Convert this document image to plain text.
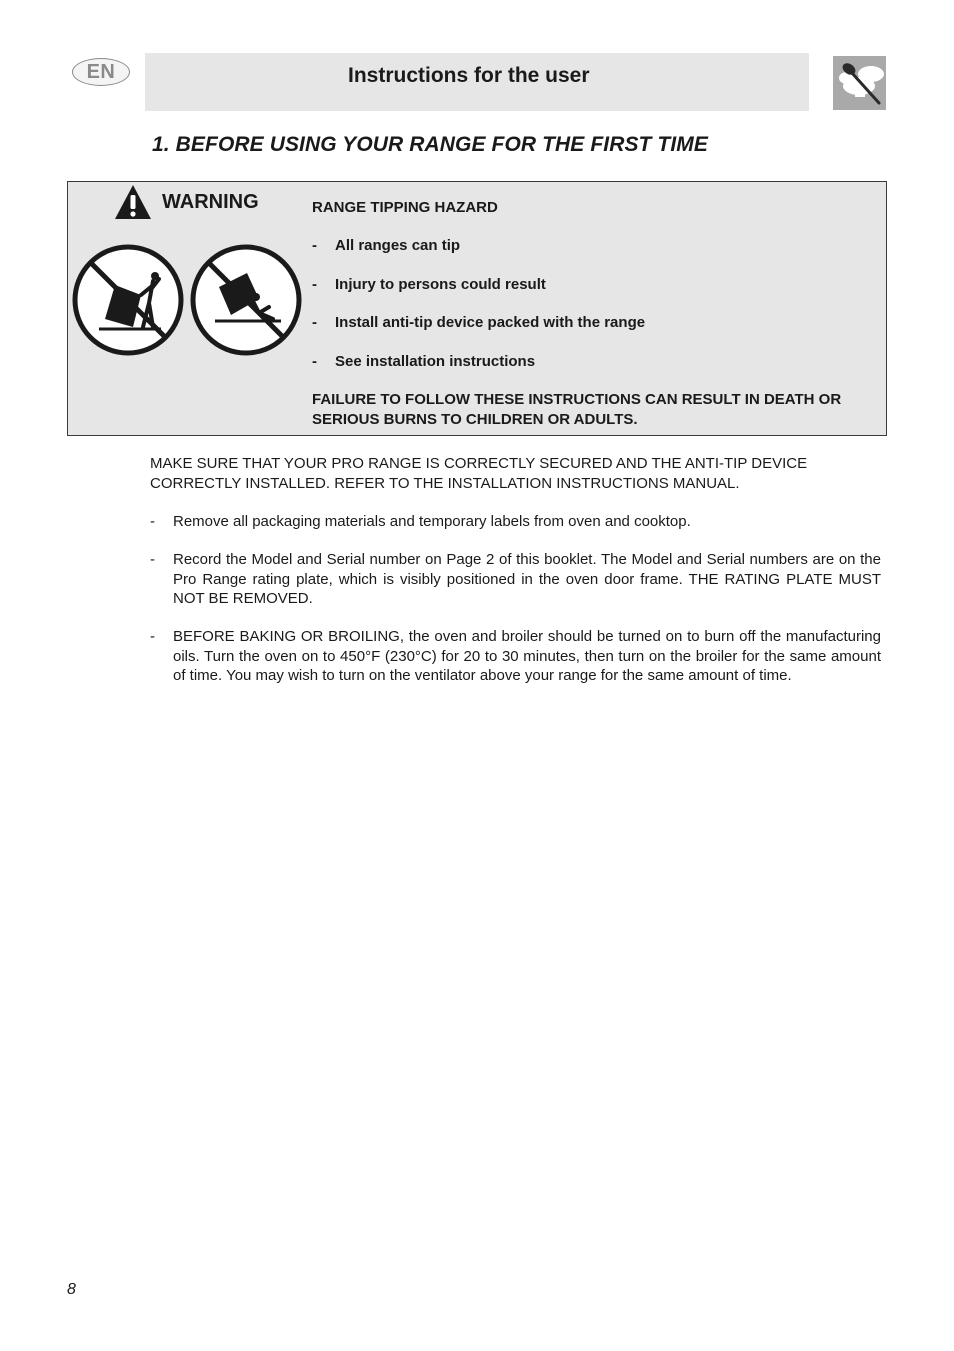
EN	Instructions for the user
1. BEFORE USING YOUR RANGE FOR THE FIRST TIME
WARNING	RANGE TIPPING HAZARD
- All ranges can tip
- Injury to persons could result
- Install anti-tip device packed with the range
- See installation instructions
FAILURE TO FOLLOW THESE INSTRUCTIONS CAN RESULT IN DEATH OR SERIOUS BURNS TO CHILDREN OR ADULTS.
MAKE SURE THAT YOUR PRO RANGE IS CORRECTLY SECURED AND THE ANTI-TIP DEVICE CORRECTLY INSTALLED. REFER TO THE INSTALLATION INSTRUCTIONS MANUAL.
- Remove all packaging materials and temporary labels from oven and cooktop.
- Record the Model and Serial number on Page 2 of this booklet. The Model and Serial numbers are on the Pro Range rating plate, which is visibly positioned in the oven door frame. THE RATING PLATE MUST NOT BE REMOVED.
- BEFORE BAKING OR BROILING, the oven and broiler should be turned on to burn off the manufacturing oils. Turn the oven on to 450°F (230°C) for 20 to 30 minutes, then turn on the broiler for the same amount of time. You may wish to turn on the ventilator above your range for the same amount of time.
8
